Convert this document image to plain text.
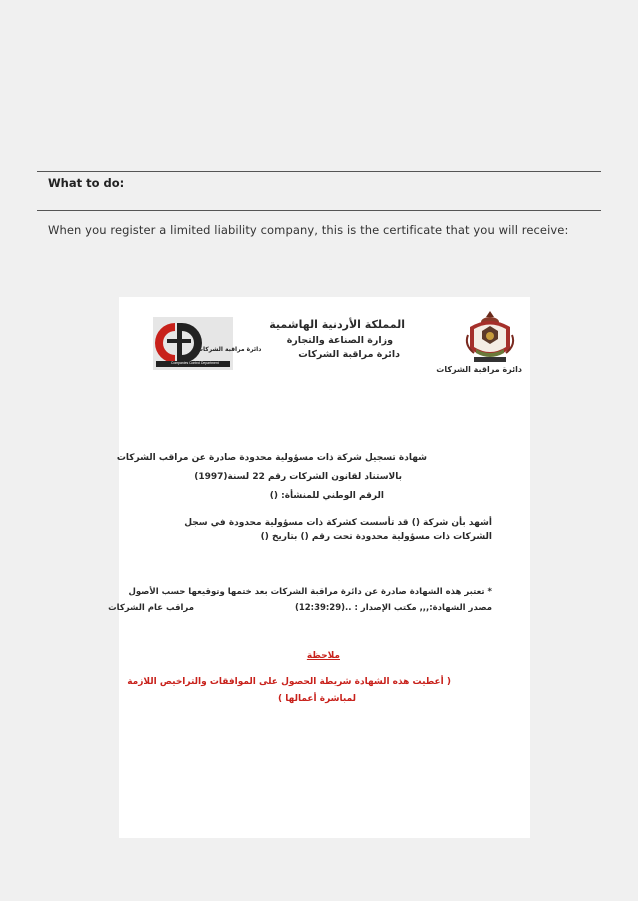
What to do:
When you register a limited liability company, this is the certificate that you will receive:
دائرة مراقبة الشركات
Companies Control Department
المملكة الأردنية الهاشمية
وزارة الصناعة والتجارة
دائرة مراقبة الشركات
دائرة مراقبة الشركات
شهادة تسجيل شركة ذات مسؤولية محدودة صادرة عن مراقب الشركات
بالاستناد لقانون الشركات رقم 22 لسنة(1997)
الرقم الوطني للمنشأة: ()
أشهد بأن شركة () قد تأسست كشركة ذات مسؤولية محدودة في سجل
الشركات ذات مسؤولية محدودة تحت رقم () بتاريخ ()
* تعتبر هذه الشهادة صادرة عن دائرة مراقبة الشركات بعد ختمها وتوقيعها حسب الأصول
مصدر الشهادة:,,, مكتب الإصدار : ..(12:39:29)
مراقب عام الشركات
ملاحظة
( أعطيت هذه الشهادة شريطة الحصول على الموافقات والتراخيص اللازمة
لمباشرة أعمالها )
